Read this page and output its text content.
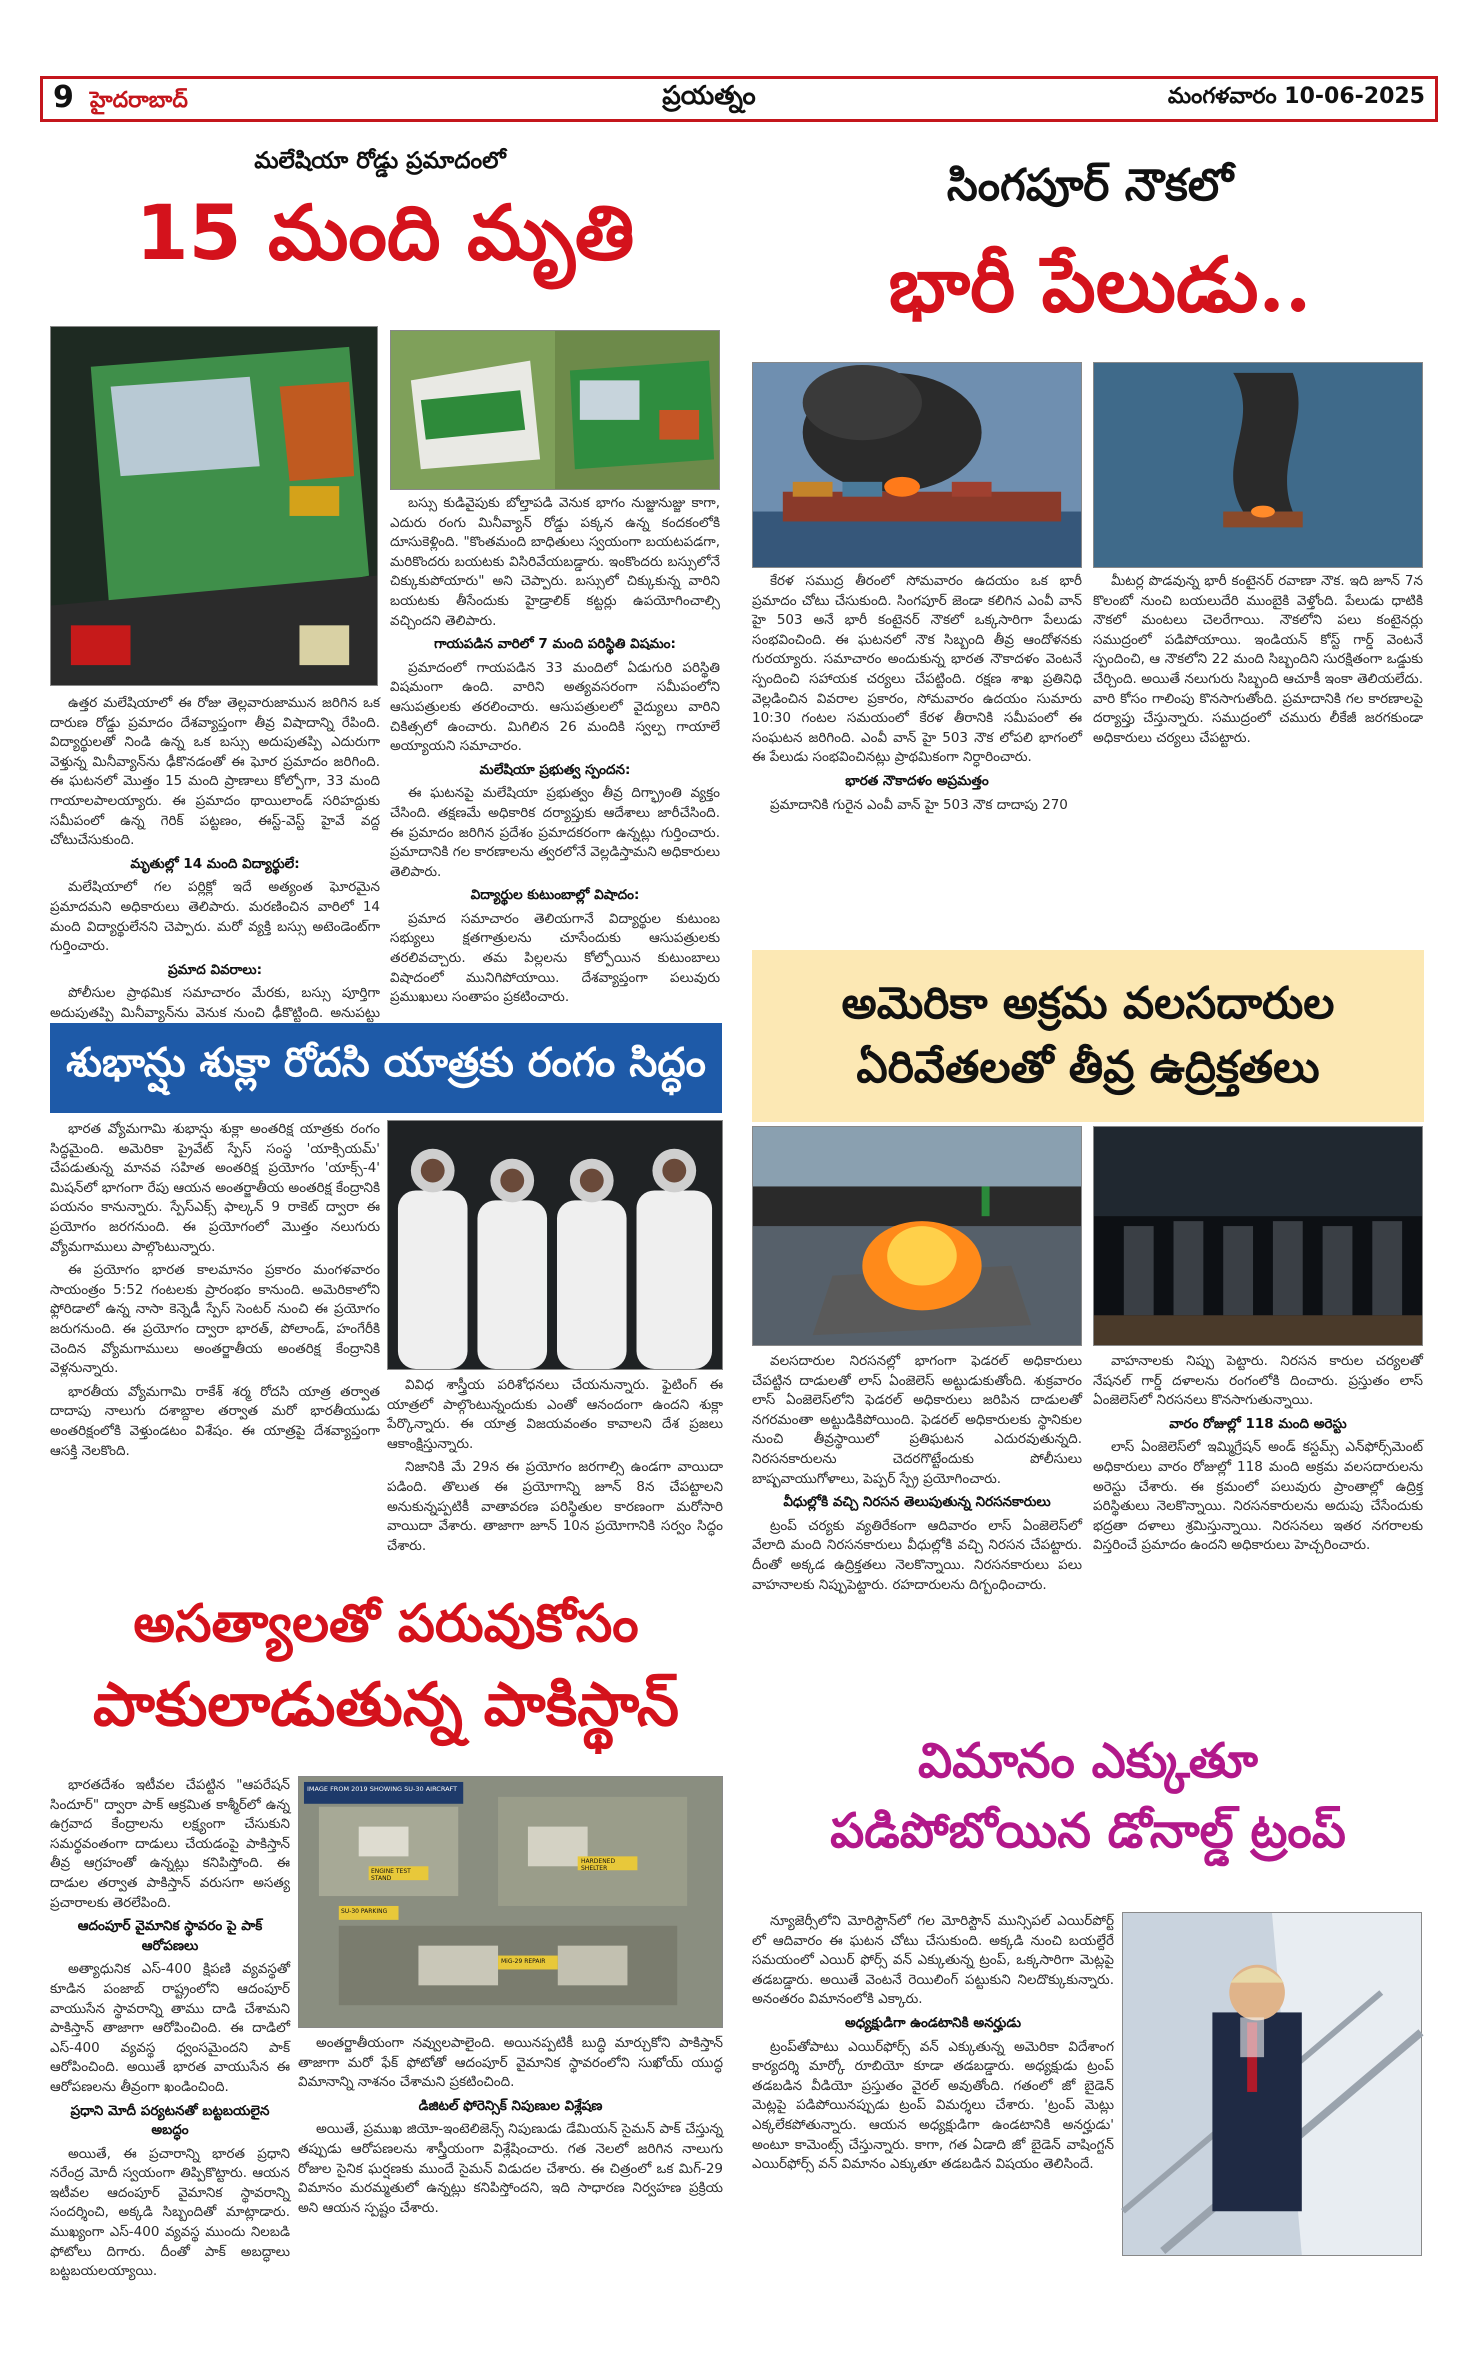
9 హైదరాబాద్	ప్రయత్నం	మంగళవారం 10-06-2025
మలేషియా రోడ్డు ప్రమాదంలో
15 మంది మృతి

ఉత్తర మలేషియాలో ఈ రోజు తెల్లవారుజామున జరిగిన ఒక దారుణ రోడ్డు ప్రమాదం దేశవ్యాప్తంగా తీవ్ర విషాదాన్ని రేపింది. విద్యార్థులతో నిండి ఉన్న ఒక బస్సు అదుపుతప్పి ఎదురుగా వెళ్తున్న మినీవ్యాన్‌ను ఢీకొనడంతో ఈ ఘోర ప్రమాదం జరిగింది. ఈ ఘటనలో మొత్తం 15 మంది ప్రాణాలు కోల్పోగా, 33 మంది గాయాలపాలయ్యారు. ఈ ప్రమాదం థాయిలాండ్ సరిహద్దుకు సమీపంలో ఉన్న గెరిక్ పట్టణం, ఈస్ట్-వెస్ట్ హైవే వద్ద చోటుచేసుకుంది.

మృతుల్లో 14 మంది విద్యార్థులే:

మలేషియాలో గల పర్లిక్లో ఇదే అత్యంత ఘోరమైన ప్రమాదమని అధికారులు తెలిపారు. మరణించిన వారిలో 14 మంది విద్యార్థులేనని చెప్పారు. మరో వ్యక్తి బస్సు అటెండెంట్‌గా గుర్తించారు.

ప్రమాద వివరాలు:

పోలీసుల ప్రాథమిక సమాచారం మేరకు, బస్సు పూర్తిగా అదుపుతప్పి మినీవ్యాన్‌ను వెనుక నుంచి ఢీకొట్టింది. అనుపట్టు

బస్సు కుడివైపుకు బోల్తాపడి వెనుక భాగం నుజ్జునుజ్జు కాగా, ఎదురు రంగు మినీవ్యాన్ రోడ్డు పక్కన ఉన్న కందకంలోకి దూసుకెళ్లింది. "కొంతమంది బాధితులు స్వయంగా బయటపడగా, మరికొందరు బయటకు విసిరివేయబడ్డారు. ఇంకొందరు బస్సులోనే చిక్కుకుపోయారు" అని చెప్పారు. బస్సులో చిక్కుకున్న వారిని బయటకు తీసేందుకు హైడ్రాలిక్ కట్టర్లు ఉపయోగించాల్సి వచ్చిందని తెలిపారు.

గాయపడిన వారిలో 7 మంది పరిస్థితి విషమం:

ప్రమాదంలో గాయపడిన 33 మందిలో ఏడుగురి పరిస్థితి విషమంగా ఉంది. వారిని అత్యవసరంగా సమీపంలోని ఆసుపత్రులకు తరలించారు. ఆసుపత్రులలో వైద్యులు వారిని చికిత్సలో ఉంచారు. మిగిలిన 26 మందికి స్వల్ప గాయాలే అయ్యాయని సమాచారం.

మలేషియా ప్రభుత్వ స్పందన:

ఈ ఘటనపై మలేషియా ప్రభుత్వం తీవ్ర దిగ్భ్రాంతి వ్యక్తం చేసింది. తక్షణమే అధికారిక దర్యాప్తుకు ఆదేశాలు జారీచేసింది. ఈ ప్రమాదం జరిగిన ప్రదేశం ప్రమాదకరంగా ఉన్నట్లు గుర్తించారు. ప్రమాదానికి గల కారణాలను త్వరలోనే వెల్లడిస్తామని అధికారులు తెలిపారు.

విద్యార్థుల కుటుంబాల్లో విషాదం:

ప్రమాద సమాచారం తెలియగానే విద్యార్థుల కుటుంబ సభ్యులు క్షతగాత్రులను చూసేందుకు ఆసుపత్రులకు తరలివచ్చారు. తమ పిల్లలను కోల్పోయిన కుటుంబాలు విషాదంలో మునిగిపోయాయి. దేశవ్యాప్తంగా పలువురు ప్రముఖులు సంతాపం ప్రకటించారు.

సింగపూర్ నౌకలో
భారీ పేలుడు..

కేరళ సముద్ర తీరంలో సోమవారం ఉదయం ఒక భారీ ప్రమాదం చోటు చేసుకుంది. సింగపూర్ జెండా కలిగిన ఎంవీ వాన్ హై 503 అనే భారీ కంటైనర్ నౌకలో ఒక్కసారిగా పేలుడు సంభవించింది. ఈ ఘటనలో నౌక సిబ్బంది తీవ్ర ఆందోళనకు గురయ్యారు. సమాచారం అందుకున్న భారత నౌకాదళం వెంటనే స్పందించి సహాయక చర్యలు చేపట్టింది. రక్షణ శాఖ ప్రతినిధి వెల్లడించిన వివరాల ప్రకారం, సోమవారం ఉదయం సుమారు 10:30 గంటల సమయంలో కేరళ తీరానికి సమీపంలో ఈ సంఘటన జరిగింది. ఎంవీ వాన్ హై 503 నౌక లోపలి భాగంలో ఈ పేలుడు సంభవించినట్లు ప్రాథమికంగా నిర్ధారించారు.

భారత నౌకాదళం అప్రమత్తం

ప్రమాదానికి గురైన ఎంవీ వాన్ హై 503 నౌక దాదాపు 270

మీటర్ల పొడవున్న భారీ కంటైనర్ రవాణా నౌక. ఇది జూన్ 7న కొలంబో నుంచి బయలుదేరి ముంబైకి వెళ్తోంది. పేలుడు ధాటికి నౌకలో మంటలు చెలరేగాయి. నౌకలోని పలు కంటైనర్లు సముద్రంలో పడిపోయాయి. ఇండియన్ కోస్ట్ గార్డ్ వెంటనే స్పందించి, ఆ నౌకలోని 22 మంది సిబ్బందిని సురక్షితంగా ఒడ్డుకు చేర్చింది. అయితే నలుగురు సిబ్బంది ఆచూకీ ఇంకా తెలియలేదు. వారి కోసం గాలింపు కొనసాగుతోంది. ప్రమాదానికి గల కారణాలపై దర్యాప్తు చేస్తున్నారు. సముద్రంలో చమురు లీకేజీ జరగకుండా అధికారులు చర్యలు చేపట్టారు.

శుభాన్షు శుక్లా రోదసి యాత్రకు రంగం సిద్ధం

భారత వ్యోమగామి శుభాన్షు శుక్లా అంతరిక్ష యాత్రకు రంగం సిద్ధమైంది. అమెరికా ప్రైవేట్ స్పేస్ సంస్థ 'యాక్సియమ్' చేపడుతున్న మానవ సహిత అంతరిక్ష ప్రయోగం 'యాక్స్-4' మిషన్‌లో భాగంగా రేపు ఆయన అంతర్జాతీయ అంతరిక్ష కేంద్రానికి పయనం కానున్నారు. స్పేస్‌ఎక్స్ ఫాల్కన్ 9 రాకెట్ ద్వారా ఈ ప్రయోగం జరగనుంది. ఈ ప్రయోగంలో మొత్తం నలుగురు వ్యోమగాములు పాల్గొంటున్నారు.

ఈ ప్రయోగం భారత కాలమానం ప్రకారం మంగళవారం సాయంత్రం 5:52 గంటలకు ప్రారంభం కానుంది. అమెరికాలోని ఫ్లోరిడాలో ఉన్న నాసా కెన్నెడీ స్పేస్ సెంటర్ నుంచి ఈ ప్రయోగం జరుగనుంది. ఈ ప్రయోగం ద్వారా భారత్, పోలాండ్, హంగేరీకి చెందిన వ్యోమగాములు అంతర్జాతీయ అంతరిక్ష కేంద్రానికి వెళ్లనున్నారు.

భారతీయ వ్యోమగామి రాకేశ్ శర్మ రోదసి యాత్ర తర్వాత దాదాపు నాలుగు దశాబ్దాల తర్వాత మరో భారతీయుడు అంతరిక్షంలోకి వెళ్తుండటం విశేషం. ఈ యాత్రపై దేశవ్యాప్తంగా ఆసక్తి నెలకొంది.

వివిధ శాస్త్రీయ పరిశోధనలు చేయనున్నారు. ఫైటింగ్ ఈ యాత్రలో పాల్గొంటున్నందుకు ఎంతో ఆనందంగా ఉందని శుక్లా పేర్కొన్నారు. ఈ యాత్ర విజయవంతం కావాలని దేశ ప్రజలు ఆకాంక్షిస్తున్నారు.

నిజానికి మే 29న ఈ ప్రయోగం జరగాల్సి ఉండగా వాయిదా పడింది. తొలుత ఈ ప్రయోగాన్ని జూన్ 8న చేపట్టాలని అనుకున్నప్పటికీ వాతావరణ పరిస్థితుల కారణంగా మరోసారి వాయిదా వేశారు. తాజాగా జూన్ 10న ప్రయోగానికి సర్వం సిద్ధం చేశారు.

అమెరికా అక్రమ వలసదారుల
ఏరివేతలతో తీవ్ర ఉద్రిక్తతలు

వలసదారుల నిరసనల్లో భాగంగా ఫెడరల్ అధికారులు చేపట్టిన దాడులతో లాస్ ఏంజెలెస్ అట్టుడుకుతోంది. శుక్రవారం లాస్ ఏంజెలెస్‌లోని ఫెడరల్ అధికారులు జరిపిన దాడులతో నగరమంతా అట్టుడికిపోయింది. ఫెడరల్ అధికారులకు స్థానికుల నుంచి తీవ్రస్థాయిలో ప్రతిఘటన ఎదురవుతున్నది. నిరసనకారులను చెదరగొట్టేందుకు పోలీసులు బాష్పవాయుగోళాలు, పెప్పర్ స్ప్రే ప్రయోగించారు.

వీధుల్లోకి వచ్చి నిరసన తెలుపుతున్న నిరసనకారులు

ట్రంప్ చర్యకు వ్యతిరేకంగా ఆదివారం లాస్ ఏంజెలెస్‌లో వేలాది మంది నిరసనకారులు వీధుల్లోకి వచ్చి నిరసన చేపట్టారు. దీంతో అక్కడ ఉద్రిక్తతలు నెలకొన్నాయి. నిరసనకారులు పలు వాహనాలకు నిప్పుపెట్టారు. రహదారులను దిగ్బంధించారు.

వాహనాలకు నిప్పు పెట్టారు. నిరసన కారుల చర్యలతో నేషనల్ గార్డ్ దళాలను రంగంలోకి దించారు. ప్రస్తుతం లాస్ ఏంజెలెస్‌లో నిరసనలు కొనసాగుతున్నాయి.

వారం రోజుల్లో 118 మంది అరెస్టు

లాస్ ఏంజెలెస్‌లో ఇమ్మిగ్రేషన్ అండ్ కస్టమ్స్ ఎన్‌ఫోర్స్‌మెంట్ అధికారులు వారం రోజుల్లో 118 మంది అక్రమ వలసదారులను అరెస్టు చేశారు. ఈ క్రమంలో పలువురు ప్రాంతాల్లో ఉద్రిక్త పరిస్థితులు నెలకొన్నాయి. నిరసనకారులను అదుపు చేసేందుకు భద్రతా దళాలు శ్రమిస్తున్నాయి. నిరసనలు ఇతర నగరాలకు విస్తరించే ప్రమాదం ఉందని అధికారులు హెచ్చరించారు.

అసత్యాలతో పరువుకోసం
పాకులాడుతున్న పాకిస్థాన్
IMAGE FROM 2019 SHOWING SU-30 AIRCRAFT
MiG-29 REPAIR
HARDENED SHELTER
ENGINE TEST STAND
SU-30 PARKING

భారతదేశం ఇటీవల చేపట్టిన "ఆపరేషన్ సిందూర్" ద్వారా పాక్ ఆక్రమిత కాశ్మీర్‌లో ఉన్న ఉగ్రవాద కేంద్రాలను లక్ష్యంగా చేసుకుని సమర్థవంతంగా దాడులు చేయడంపై పాకిస్తాన్ తీవ్ర ఆగ్రహంతో ఉన్నట్లు కనిపిస్తోంది. ఈ దాడుల తర్వాత పాకిస్తాన్ వరుసగా అసత్య ప్రచారాలకు తెరలేపింది.

ఆదంపూర్ వైమానిక స్థావరం పై పాక్ ఆరోపణలు

అత్యాధునిక ఎస్-400 క్షిపణి వ్యవస్థతో కూడిన పంజాబ్ రాష్ట్రంలోని ఆదంపూర్ వాయుసేన స్థావరాన్ని తాము దాడి చేశామని పాకిస్తాన్ తాజాగా ఆరోపించింది. ఈ దాడిలో ఎస్-400 వ్యవస్థ ధ్వంసమైందని పాక్ ఆరోపించింది. అయితే భారత వాయుసేన ఈ ఆరోపణలను తీవ్రంగా ఖండించింది.

ప్రధాని మోదీ పర్యటనతో బట్టబయలైన అబద్ధం

అయితే, ఈ ప్రచారాన్ని భారత ప్రధాని నరేంద్ర మోదీ స్వయంగా తిప్పికొట్టారు. ఆయన ఇటీవల ఆదంపూర్ వైమానిక స్థావరాన్ని సందర్శించి, అక్కడి సిబ్బందితో మాట్లాడారు. ముఖ్యంగా ఎస్-400 వ్యవస్థ ముందు నిలబడి ఫోటోలు దిగారు. దీంతో పాక్ అబద్ధాలు బట్టబయలయ్యాయి.

అంతర్జాతీయంగా నవ్వులపాలైంది. అయినప్పటికీ బుద్ధి మార్చుకోని పాకిస్తాన్ తాజాగా మరో ఫేక్ ఫోటోతో ఆదంపూర్ వైమానిక స్థావరంలోని సుఖోయ్ యుద్ధ విమానాన్ని నాశనం చేశామని ప్రకటించింది.

డిజిటల్ ఫోరెన్సిక్ నిపుణుల విశ్లేషణ

అయితే, ప్రముఖ జియో-ఇంటెలిజెన్స్ నిపుణుడు డేమియన్ సైమన్ పాక్ చేస్తున్న తప్పుడు ఆరోపణలను శాస్త్రీయంగా విశ్లేషించారు. గత నెలలో జరిగిన నాలుగు రోజుల సైనిక ఘర్షణకు ముందే సైమన్ విడుదల చేశారు. ఈ చిత్రంలో ఒక మిగ్-29 విమానం మరమ్మతులో ఉన్నట్లు కనిపిస్తోందని, ఇది సాధారణ నిర్వహణ ప్రక్రియ అని ఆయన స్పష్టం చేశారు.

విమానం ఎక్కుతూ
పడిపోబోయిన డోనాల్డ్ ట్రంప్

న్యూజెర్సీలోని మోరిస్టౌన్‌లో గల మోరిస్టౌన్ మున్సిపల్ ఎయిర్‌పోర్ట్ లో ఆదివారం ఈ ఘటన చోటు చేసుకుంది. అక్కడి నుంచి బయల్దేరే సమయంలో ఎయిర్ ఫోర్స్ వన్ ఎక్కుతున్న ట్రంప్, ఒక్కసారిగా మెట్లపై తడబడ్డారు. అయితే వెంటనే రెయిలింగ్ పట్టుకుని నిలదొక్కుకున్నారు. అనంతరం విమానంలోకి ఎక్కారు.

అధ్యక్షుడిగా ఉండటానికి అనర్హుడు

ట్రంప్‌తోపాటు ఎయిర్‌ఫోర్స్ వన్ ఎక్కుతున్న అమెరికా విదేశాంగ కార్యదర్శి మార్కో రూబియో కూడా తడబడ్డారు. అధ్యక్షుడు ట్రంప్ తడబడిన వీడియో ప్రస్తుతం వైరల్ అవుతోంది. గతంలో జో బైడెన్ మెట్లపై పడిపోయినప్పుడు ట్రంప్ విమర్శలు చేశారు. 'ట్రంప్ మెట్లు ఎక్కలేకపోతున్నారు. ఆయన అధ్యక్షుడిగా ఉండటానికి అనర్హుడు' అంటూ కామెంట్స్ చేస్తున్నారు. కాగా, గత ఏడాది జో బైడెన్ వాషింగ్టన్ ఎయిర్‌ఫోర్స్ వన్ విమానం ఎక్కుతూ తడబడిన విషయం తెలిసిందే.
